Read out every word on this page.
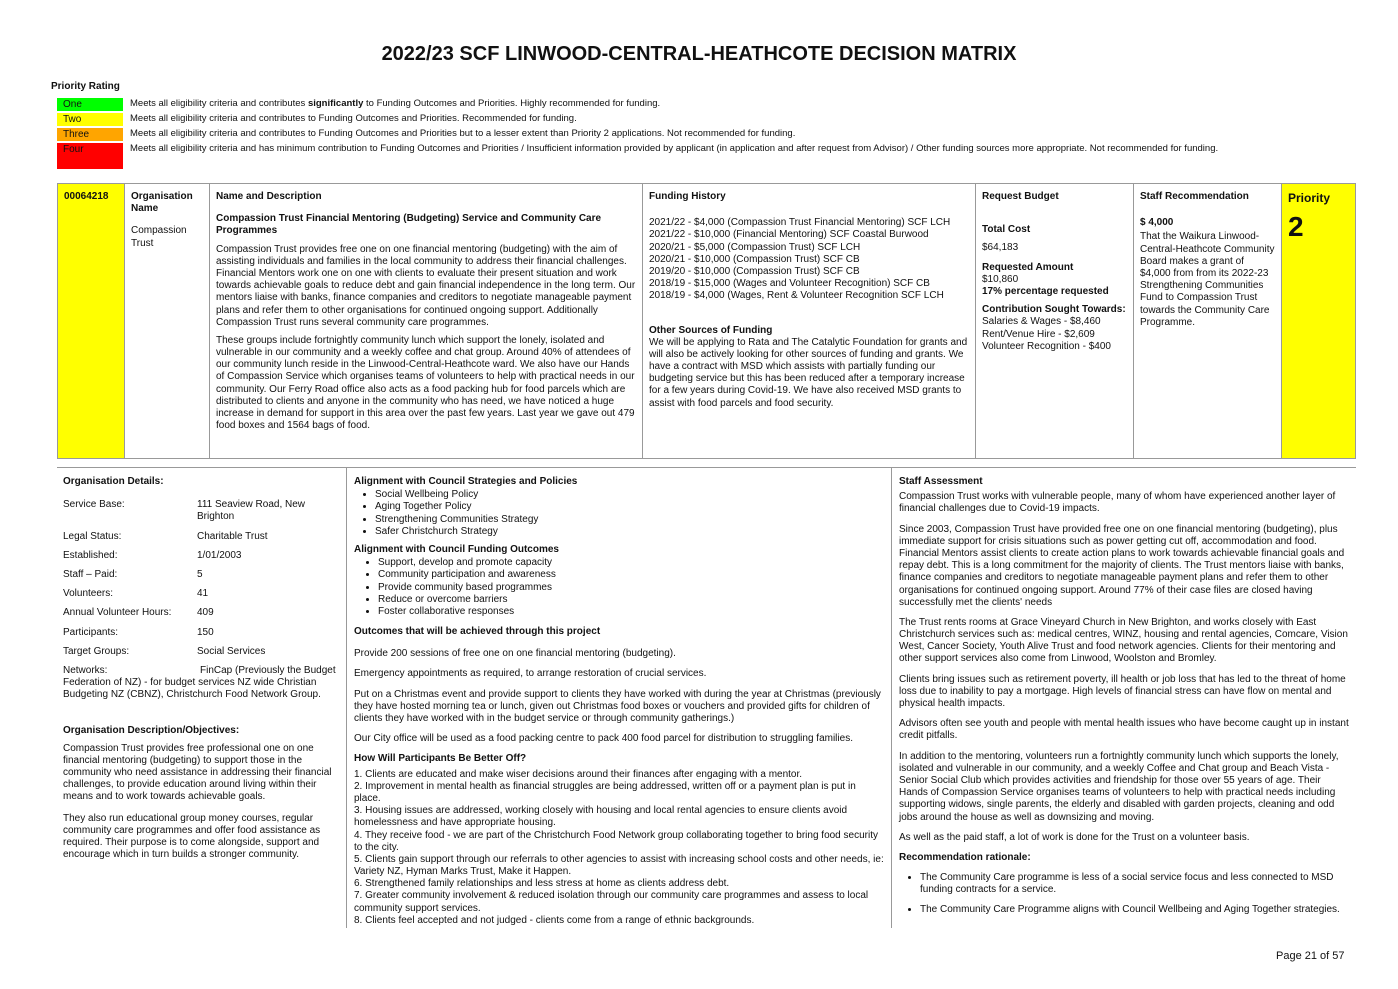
2022/23 SCF LINWOOD-CENTRAL-HEATHCOTE DECISION MATRIX
Priority Rating
One	Meets all eligibility criteria and contributes significantly to Funding Outcomes and Priorities. Highly recommended for funding.
Two	Meets all eligibility criteria and contributes to Funding Outcomes and Priorities. Recommended for funding.
Three	Meets all eligibility criteria and contributes to Funding Outcomes and Priorities but to a lesser extent than Priority 2 applications. Not recommended for funding.
Four	Meets all eligibility criteria and has minimum contribution to Funding Outcomes and Priorities / Insufficient information provided by applicant (in application and after request from Advisor) / Other funding sources more appropriate. Not recommended for funding.
00064218	Organisation Name
Compassion Trust
Name and Description

Compassion Trust Financial Mentoring (Budgeting) Service and Community Care Programmes

Compassion Trust provides free one on one financial mentoring (budgeting) with the aim of assisting individuals and families in the local community to address their financial challenges. Financial Mentors work one on one with clients to evaluate their present situation and work towards achievable goals to reduce debt and gain financial independence in the long term. Our mentors liaise with banks, finance companies and creditors to negotiate manageable payment plans and refer them to other organisations for continued ongoing support. Additionally Compassion Trust runs several community care programmes.

These groups include fortnightly community lunch which support the lonely, isolated and vulnerable in our community and a weekly coffee and chat group. Around 40% of attendees of our community lunch reside in the Linwood-Central-Heathcote ward. We also have our Hands of Compassion Service which organises teams of volunteers to help with practical needs in our community. Our Ferry Road office also acts as a food packing hub for food parcels which are distributed to clients and anyone in the community who has need, we have noticed a huge increase in demand for support in this area over the past few years. Last year we gave out 479 food boxes and 1564 bags of food.

Funding History
2021/22 - $4,000 (Compassion Trust Financial Mentoring) SCF LCH
2021/22 - $10,000 (Financial Mentoring) SCF Coastal Burwood
2020/21 - $5,000 (Compassion Trust) SCF LCH
2020/21 - $10,000 (Compassion Trust) SCF CB
2019/20 - $10,000 (Compassion Trust) SCF CB
2018/19 - $15,000 (Wages and Volunteer Recognition) SCF CB
2018/19 - $4,000 (Wages, Rent & Volunteer Recognition SCF LCH
Other Sources of Funding
We will be applying to Rata and The Catalytic Foundation for grants and will also be actively looking for other sources of funding and grants. We have a contract with MSD which assists with partially funding our budgeting service but this has been reduced after a temporary increase for a few years during Covid-19. We have also received MSD grants to assist with food parcels and food security.
Request Budget
Total Cost
$64,183
Requested Amount
$10,860
17% percentage requested
Contribution Sought Towards:
Salaries & Wages - $8,460
Rent/Venue Hire - $2,609
Volunteer Recognition - $400
Staff Recommendation
$ 4,000
That the Waikura Linwood-Central-Heathcote Community Board makes a grant of $4,000 from from its 2022-23 Strengthening Communities Fund to Compassion Trust towards the Community Care Programme.
Priority
2
Organisation Details:
Service Base:	111 Seaview Road, New Brighton
Legal Status:	Charitable Trust
Established:	1/01/2003
Staff – Paid:	5
Volunteers:	41
Annual Volunteer Hours:	409
Participants:	150
Target Groups:	Social Services
Networks:	FinCap (Previously the Budget Federation of NZ) - for budget services NZ wide Christian Budgeting NZ (CBNZ), Christchurch Food Network Group.
Organisation Description/Objectives:

Compassion Trust provides free professional one on one financial mentoring (budgeting) to support those in the community who need assistance in addressing their financial challenges, to provide education around living within their means and to work towards achievable goals.

They also run educational group money courses, regular community care programmes and offer food assistance as required. Their purpose is to come alongside, support and encourage which in turn builds a stronger community.

Alignment with Council Strategies and Policies
• Social Wellbeing Policy
• Aging Together Policy
• Strengthening Communities Strategy
• Safer Christchurch Strategy
Alignment with Council Funding Outcomes
• Support, develop and promote capacity
• Community participation and awareness
• Provide community based programmes
• Reduce or overcome barriers
• Foster collaborative responses
Outcomes that will be achieved through this project

Provide 200 sessions of free one on one financial mentoring (budgeting).

Emergency appointments as required, to arrange restoration of crucial services.

Put on a Christmas event and provide support to clients they have worked with during the year at Christmas (previously they have hosted morning tea or lunch, given out Christmas food boxes or vouchers and provided gifts for children of clients they have worked with in the budget service or through community gatherings.)

Our City office will be used as a food packing centre to pack 400 food parcel for distribution to struggling families.

How Will Participants Be Better Off?

1. Clients are educated and make wiser decisions around their finances after engaging with a mentor.

2. Improvement in mental health as financial struggles are being addressed, written off or a payment plan is put in place.

3. Housing issues are addressed, working closely with housing and local rental agencies to ensure clients avoid homelessness and have appropriate housing.

4. They receive food - we are part of the Christchurch Food Network group collaborating together to bring food security to the city.

5. Clients gain support through our referrals to other agencies to assist with increasing school costs and other needs, ie: Variety NZ, Hyman Marks Trust, Make it Happen.

6. Strengthened family relationships and less stress at home as clients address debt.

7. Greater community involvement & reduced isolation through our community care programmes and assess to local community support services.

8. Clients feel accepted and not judged - clients come from a range of ethnic backgrounds.

Staff Assessment

Compassion Trust works with vulnerable people, many of whom have experienced another layer of financial challenges due to Covid-19 impacts.

Since 2003, Compassion Trust have provided free one on one financial mentoring (budgeting), plus immediate support for crisis situations such as power getting cut off, accommodation and food. Financial Mentors assist clients to create action plans to work towards achievable financial goals and repay debt. This is a long commitment for the majority of clients. The Trust mentors liaise with banks, finance companies and creditors to negotiate manageable payment plans and refer them to other organisations for continued ongoing support. Around 77% of their case files are closed having successfully met the clients' needs

The Trust rents rooms at Grace Vineyard Church in New Brighton, and works closely with East Christchurch services such as: medical centres, WINZ, housing and rental agencies, Comcare, Vision West, Cancer Society, Youth Alive Trust and food network agencies. Clients for their mentoring and other support services also come from Linwood, Woolston and Bromley.

Clients bring issues such as retirement poverty, ill health or job loss that has led to the threat of home loss due to inability to pay a mortgage. High levels of financial stress can have flow on mental and physical health impacts.

Advisors often see youth and people with mental health issues who have become caught up in instant credit pitfalls.

In addition to the mentoring, volunteers run a fortnightly community lunch which supports the lonely, isolated and vulnerable in our community, and a weekly Coffee and Chat group and Beach Vista - Senior Social Club which provides activities and friendship for those over 55 years of age. Their Hands of Compassion Service organises teams of volunteers to help with practical needs including supporting widows, single parents, the elderly and disabled with garden projects, cleaning and odd jobs around the house as well as downsizing and moving.

As well as the paid staff, a lot of work is done for the Trust on a volunteer basis.

Recommendation rationale:
• The Community Care programme is less of a social service focus and less connected to MSD funding contracts for a service.
• The Community Care Programme aligns with Council Wellbeing and Aging Together strategies.
Page 21 of 57
